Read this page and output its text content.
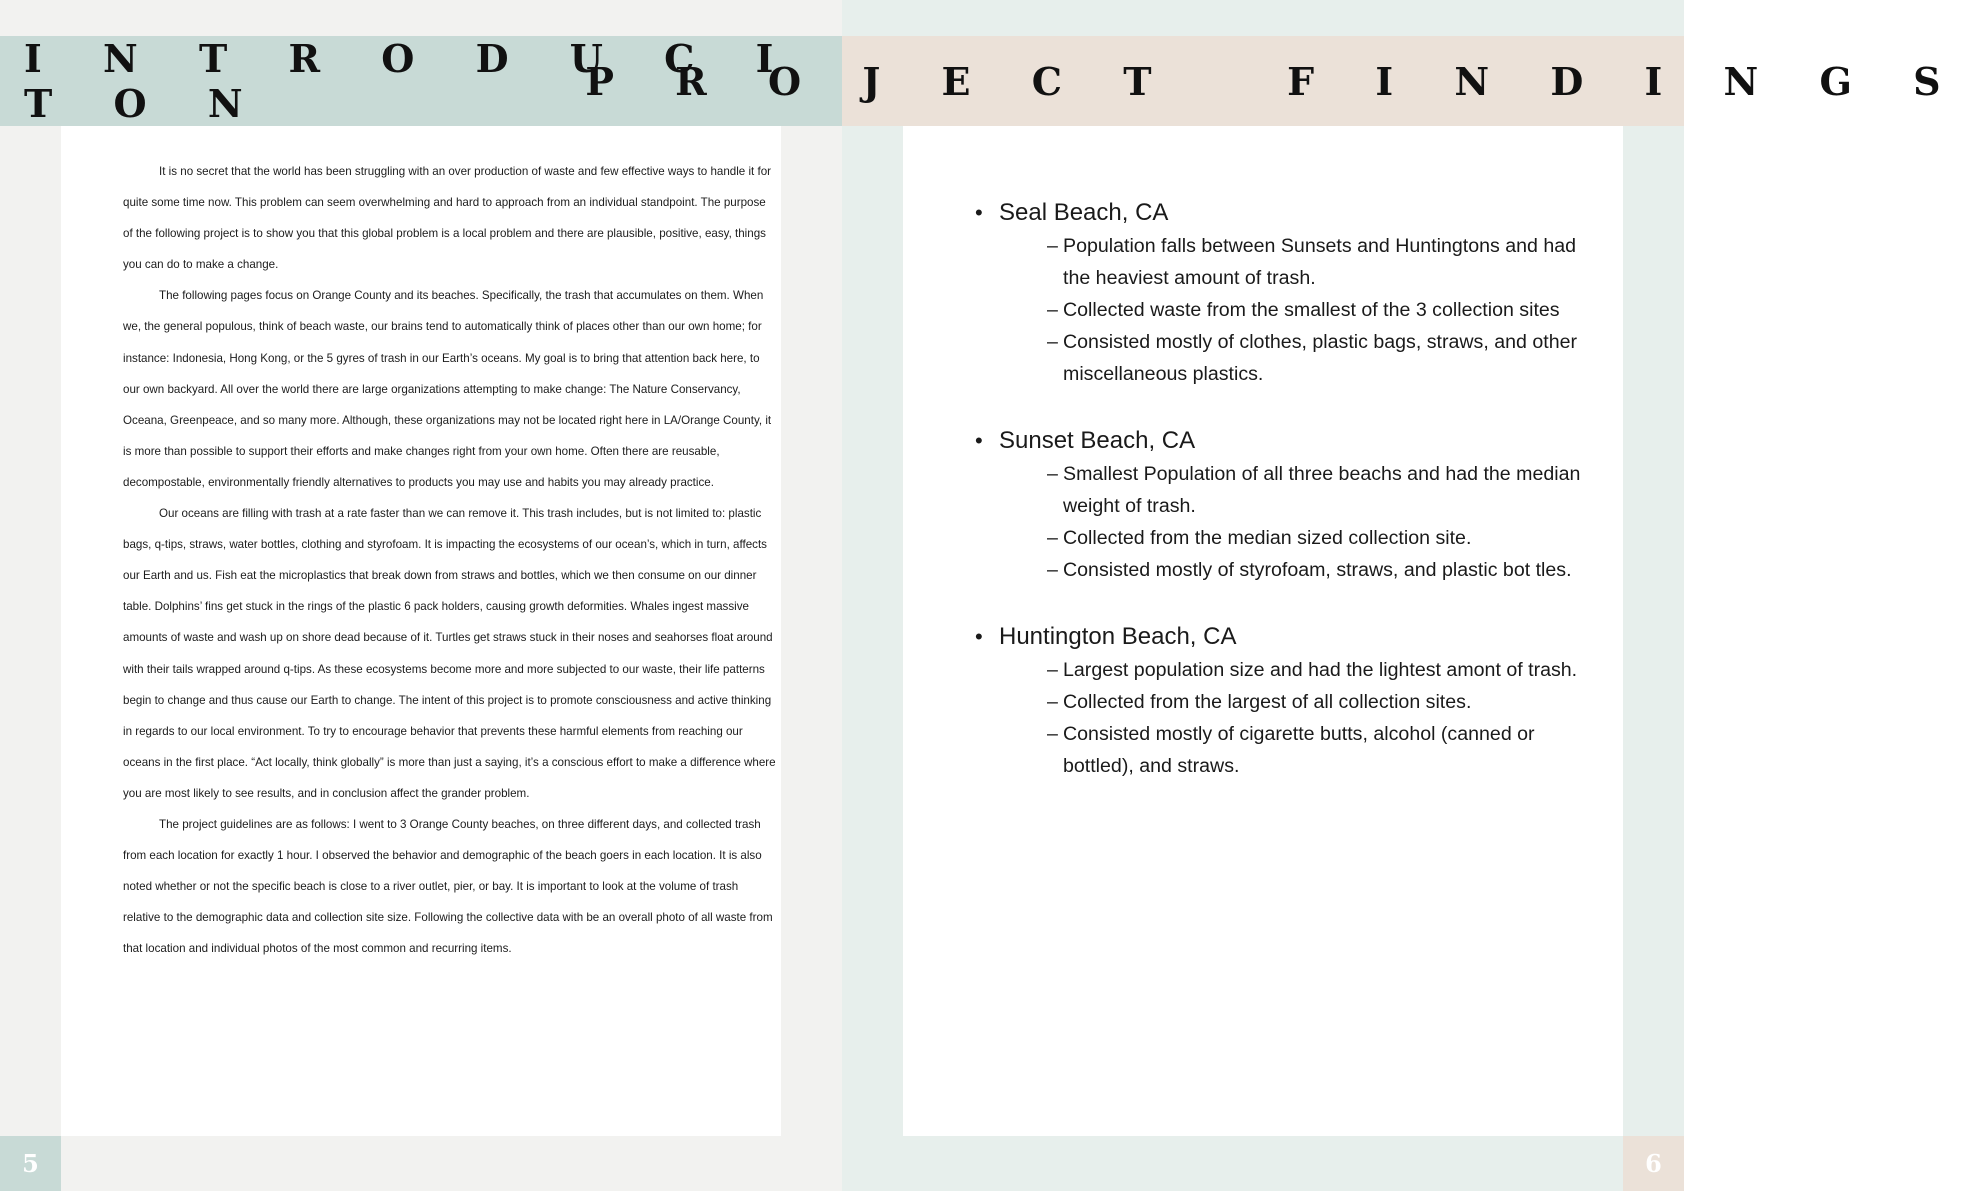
I N T R O D U C I T O N	P R O J E C T   F I N D I N G S

It is no secret that the world has been struggling with an over production of waste and few effective ways to handle it for quite some time now. This problem can seem overwhelming and hard to approach from an individual standpoint. The purpose of the following project is to show you that this global problem is a local problem and there are plausible, positive, easy, things you can do to make a change.

The following pages focus on Orange County and its beaches. Specifically, the trash that accumulates on them. When we, the general populous, think of beach waste, our brains tend to automatically think of places other than our own home; for instance: Indonesia, Hong Kong, or the 5 gyres of trash in our Earth’s oceans. My goal is to bring that attention back here, to our own backyard. All over the world there are large organizations attempting to make change: The Nature Conservancy, Oceana, Greenpeace, and so many more. Although, these organizations may not be located right here in LA/Orange County, it is more than possible to support their efforts and make changes right from your own home. Often there are reusable, decompostable, environmentally friendly alternatives to products you may use and habits you may already practice.

Our oceans are filling with trash at a rate faster than we can remove it. This trash includes, but is not limited to: plastic bags, q-tips, straws, water bottles, clothing and styrofoam. It is impacting the ecosystems of our ocean’s, which in turn, affects our Earth and us. Fish eat the microplastics that break down from straws and bottles, which we then consume on our dinner table. Dolphins’ fins get stuck in the rings of the plastic 6 pack holders, causing growth deformities. Whales ingest massive amounts of waste and wash up on shore dead because of it. Turtles get straws stuck in their noses and seahorses float around with their tails wrapped around q-tips. As these ecosystems become more and more subjected to our waste, their life patterns begin to change and thus cause our Earth to change. The intent of this project is to promote consciousness and active thinking in regards to our local environment. To try to encourage behavior that prevents these harmful elements from reaching our oceans in the first place. “Act locally, think globally” is more than just a saying, it’s a conscious effort to make a difference where you are most likely to see results, and in conclusion affect the grander problem.

The project guidelines are as follows: I went to 3 Orange County beaches, on three different days, and collected trash from each location for exactly 1 hour. I observed the behavior and demographic of the beach goers in each location. It is also noted whether or not the specific beach is close to a river outlet, pier, or bay. It is important to look at the volume of trash relative to the demographic data and collection site size. Following the collective data with be an overall photo of all waste from that location and individual photos of the most common and recurring items.

• Seal Beach, CA
– Population falls between Sunsets and Huntingtons and had the heaviest amount of trash.
– Collected waste from the smallest of the 3 collection sites
– Consisted mostly of clothes, plastic bags, straws, and other miscellaneous plastics.
• Sunset Beach, CA
– Smallest Population of all three beachs and had the median weight of trash.
– Collected from the median sized collection site.
– Consisted mostly of styrofoam, straws, and plastic bot tles.
• Huntington Beach, CA
– Largest population size and had the lightest amont of trash.
– Collected from the largest of all collection sites.
– Consisted mostly of cigarette butts, alcohol (canned or bottled), and straws.
5	6
